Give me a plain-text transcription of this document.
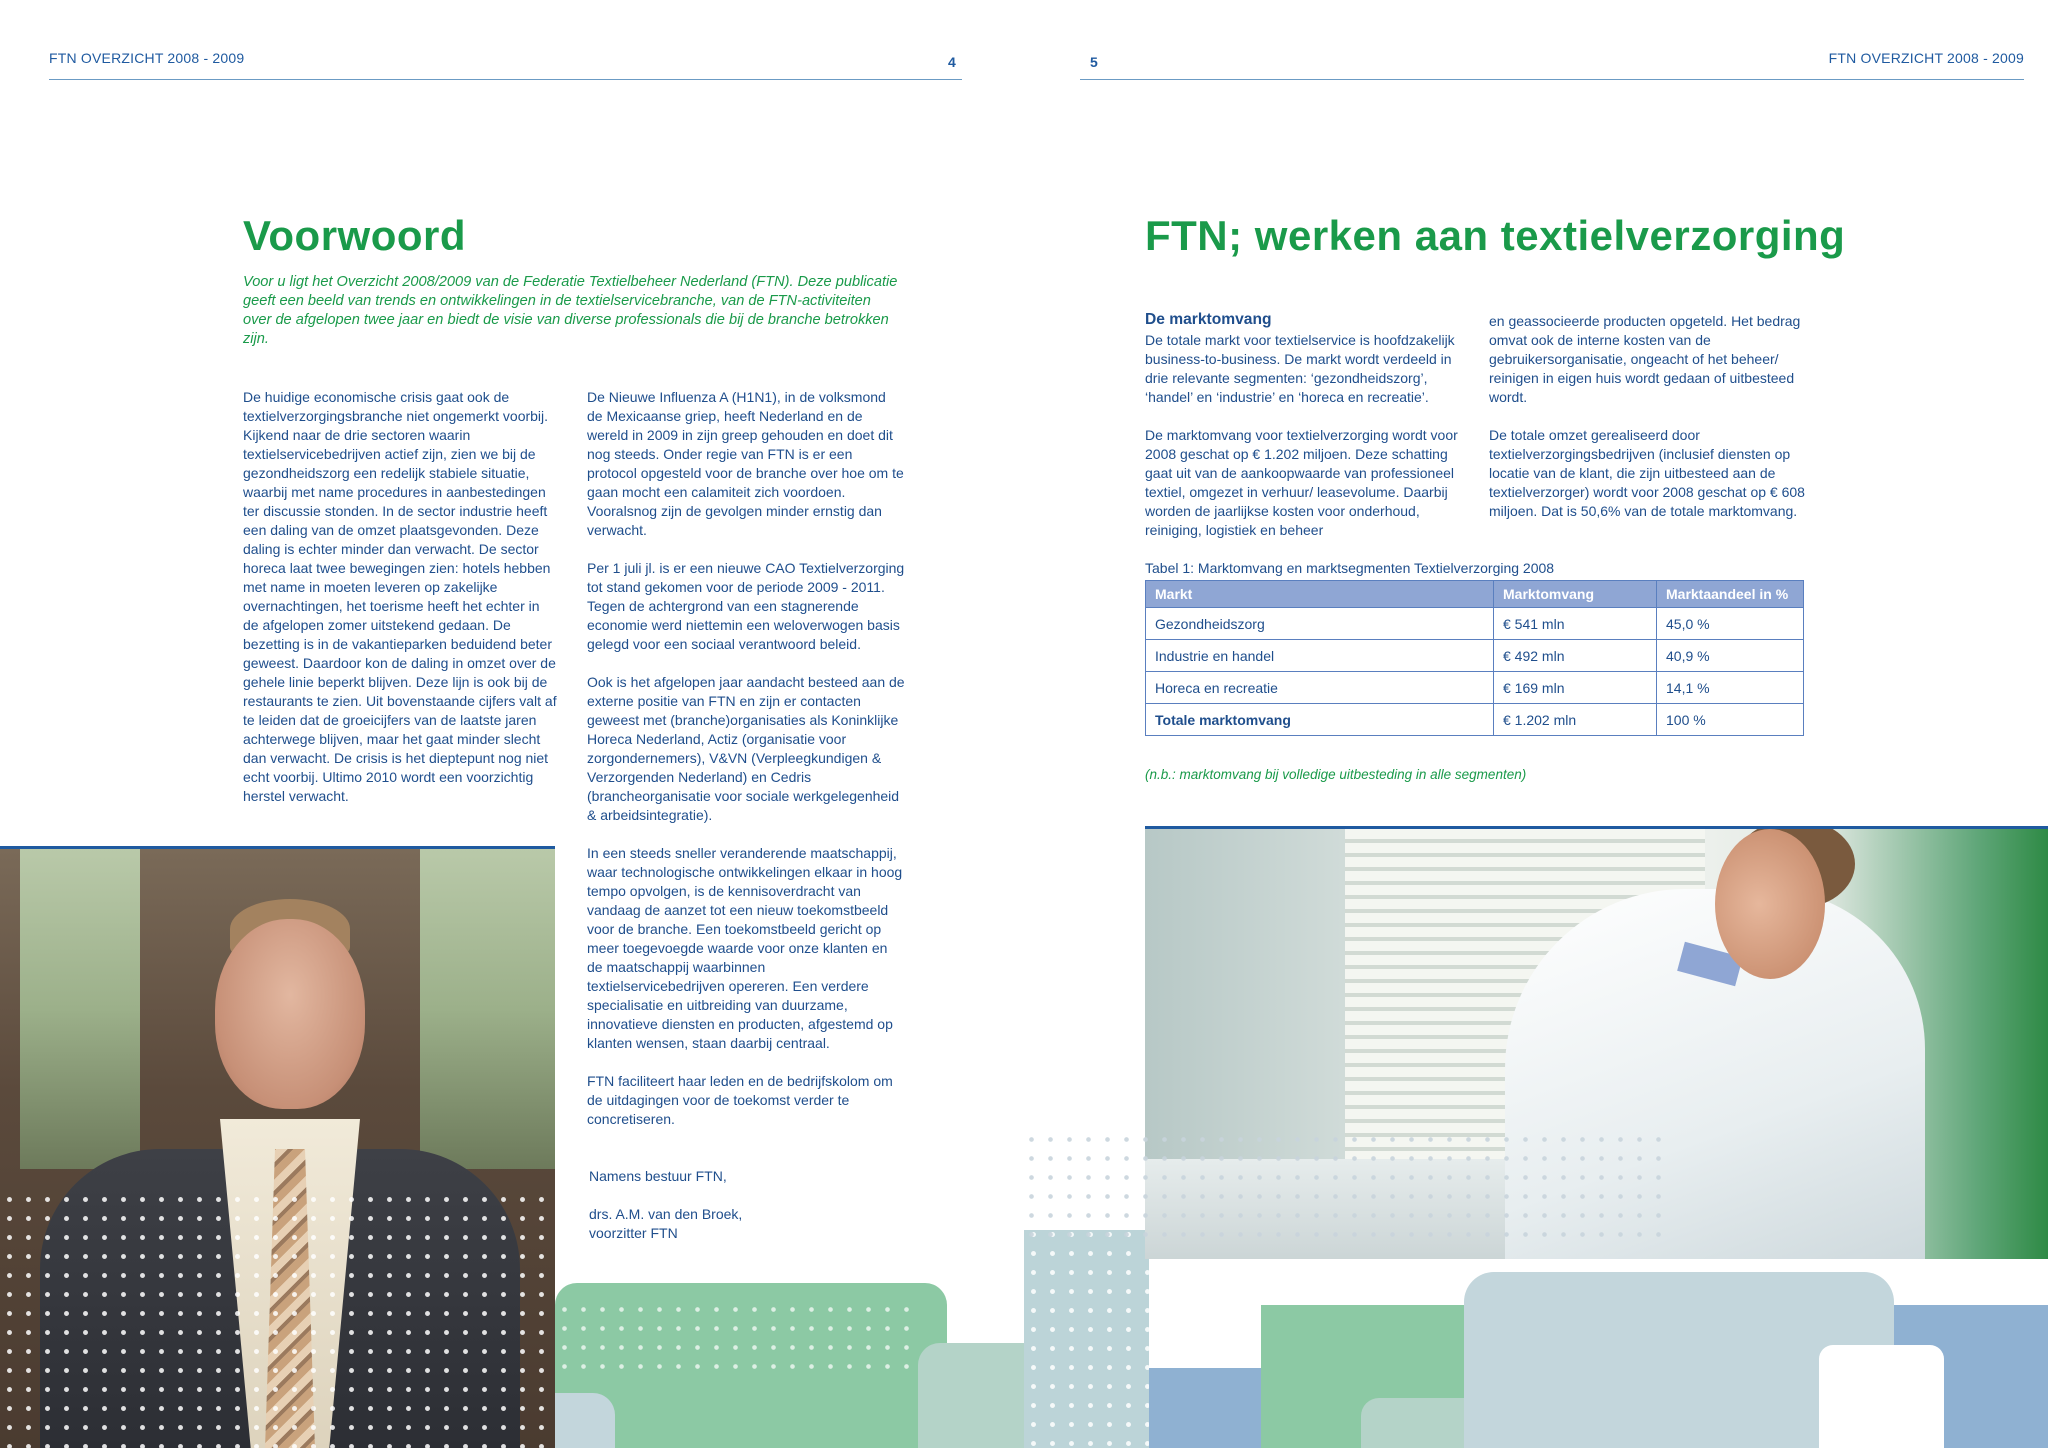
FTN OVERZICHT 2008 - 2009	4
Voorwoord

Voor u ligt het Overzicht 2008/2009 van de Federatie Textielbeheer Nederland (FTN). Deze publicatie geeft een beeld van trends en ontwikkelingen in de textielservicebranche, van de FTN-activiteiten over de afgelopen twee jaar en biedt de visie van diverse professionals die bij de branche betrokken zijn.

De huidige economische crisis gaat ook de textielverzorgingsbranche niet ongemerkt voorbij. Kijkend naar de drie sectoren waarin textielservicebedrijven actief zijn, zien we bij de gezondheidszorg een redelijk stabiele situatie, waarbij met name procedures in aanbestedingen ter discussie stonden. In de sector industrie heeft een daling van de omzet plaatsgevonden. Deze daling is echter minder dan verwacht. De sector horeca laat twee bewegingen zien: hotels hebben met name in moeten leveren op zakelijke overnachtingen, het toerisme heeft het echter in de afgelopen zomer uitstekend gedaan. De bezetting is in de vakantieparken beduidend beter geweest. Daardoor kon de daling in omzet over de gehele linie beperkt blijven. Deze lijn is ook bij de restaurants te zien. Uit bovenstaande cijfers valt af te leiden dat de groeicijfers van de laatste jaren achterwege blijven, maar het gaat minder slecht dan verwacht. De crisis is het dieptepunt nog niet echt voorbij. Ultimo 2010 wordt een voorzichtig herstel verwacht.

De Nieuwe Influenza A (H1N1), in de volksmond de Mexicaanse griep, heeft Nederland en de wereld in 2009 in zijn greep gehouden en doet dit nog steeds. Onder regie van FTN is er een protocol opgesteld voor de branche over hoe om te gaan mocht een calamiteit zich voordoen. Vooralsnog zijn de gevolgen minder ernstig dan verwacht.

Per 1 juli jl. is er een nieuwe CAO Textielverzorging tot stand gekomen voor de periode 2009 - 2011. Tegen de achtergrond van een stagnerende economie werd niettemin een weloverwogen basis gelegd voor een sociaal verantwoord beleid.

Ook is het afgelopen jaar aandacht besteed aan de externe positie van FTN en zijn er contacten geweest met (branche)organisaties als Koninklijke Horeca Nederland, Actiz (organisatie voor zorgondernemers), V&VN (Verpleegkundigen & Verzorgenden Nederland) en Cedris (brancheorganisatie voor sociale werkgelegenheid & arbeidsintegratie).

In een steeds sneller veranderende maatschappij, waar technologische ontwikkelingen elkaar in hoog tempo opvolgen, is de kennisoverdracht van vandaag de aanzet tot een nieuw toekomstbeeld voor de branche. Een toekomstbeeld gericht op meer toegevoegde waarde voor onze klanten en de maatschappij waarbinnen textielservicebedrijven opereren. Een verdere specialisatie en uitbreiding van duurzame, innovatieve diensten en producten, afgestemd op klanten wensen, staan daarbij centraal.

FTN faciliteert haar leden en de bedrijfskolom om de uitdagingen voor de toekomst verder te concretiseren.

Namens bestuur FTN,

drs. A.M. van den Broek,

voorzitter FTN

5	FTN OVERZICHT 2008 - 2009
FTN; werken aan textielverzorging
De marktomvang

De totale markt voor textielservice is hoofdzakelijk business-to-business. De markt wordt verdeeld in drie relevante segmenten: ‘gezondheidszorg’, ‘handel’ en ‘industrie’ en ‘horeca en recreatie’.

De marktomvang voor textielverzorging wordt voor 2008 geschat op € 1.202 miljoen. Deze schatting gaat uit van de aankoopwaarde van professioneel textiel, omgezet in verhuur/ leasevolume. Daarbij worden de jaarlijkse kosten voor onderhoud, reiniging, logistiek en beheer

en geassocieerde producten opgeteld. Het bedrag omvat ook de interne kosten van de gebruikersorganisatie, ongeacht of het beheer/ reinigen in eigen huis wordt gedaan of uitbesteed wordt.

De totale omzet gerealiseerd door textielverzorgingsbedrijven (inclusief diensten op locatie van de klant, die zijn uitbesteed aan de textielverzorger) wordt voor 2008 geschat op € 608 miljoen. Dat is 50,6% van de totale marktomvang.

Tabel 1: Marktomvang en marktsegmenten Textielverzorging 2008
Markt	Marktomvang	Marktaandeel in %
Gezondheidszorg	€ 541 mln	45,0 %
Industrie en handel	€ 492 mln	40,9 %
Horeca en recreatie	€ 169 mln	14,1 %
Totale marktomvang	€ 1.202 mln	100 %
(n.b.: marktomvang bij volledige uitbesteding in alle segmenten)
